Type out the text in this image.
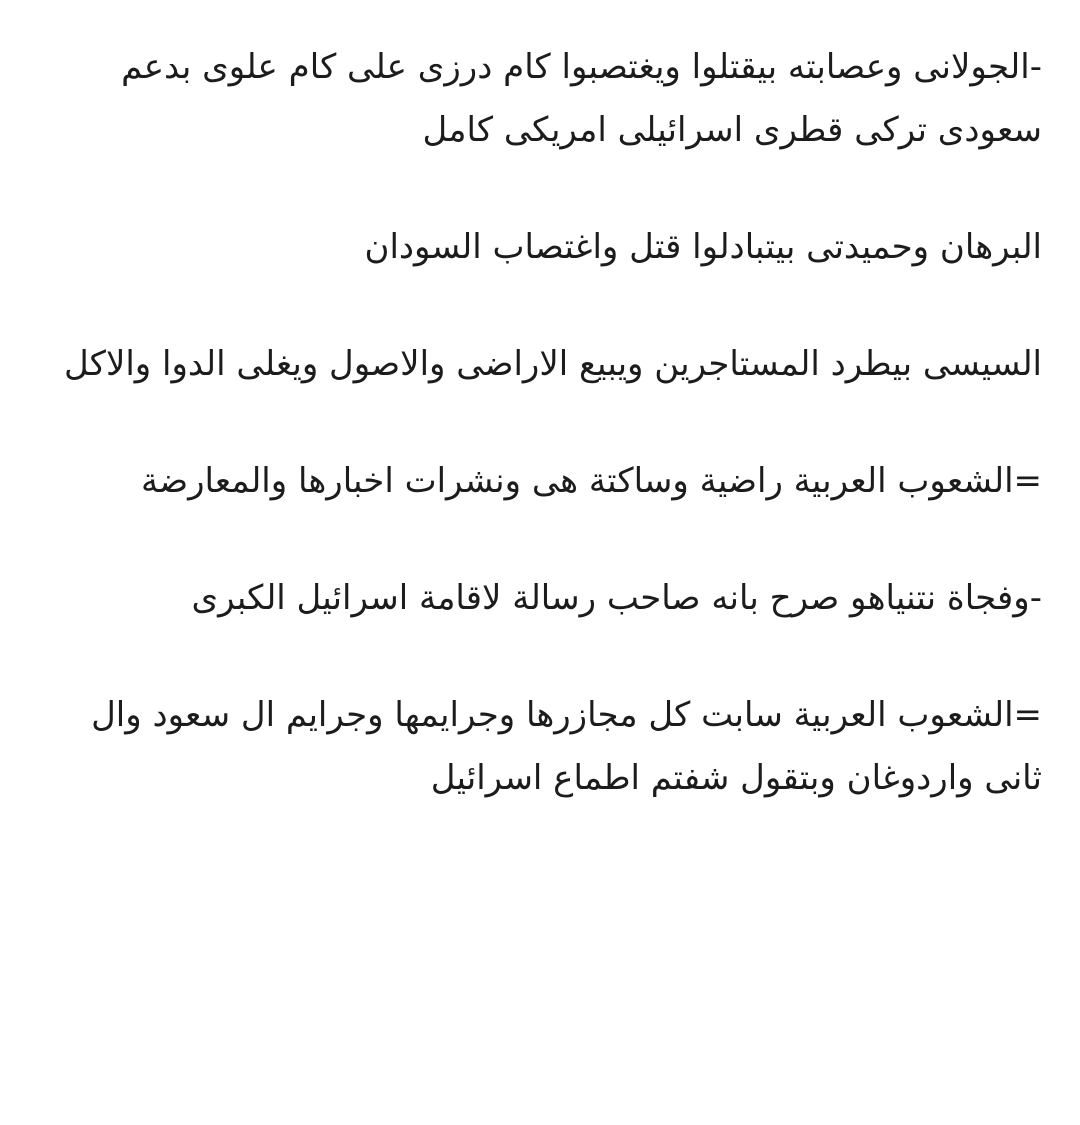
-الجولانى وعصابته بيقتلوا ويغتصبوا كام درزى على كام علوى بدعم سعودى تركى قطرى اسرائيلى امريكى كامل

البرهان وحميدتى بيتبادلوا قتل واغتصاب السودان

السيسى بيطرد المستاجرين ويبيع الاراضى والاصول ويغلى الدوا والاكل

=الشعوب العربية راضية وساكتة هى ونشرات اخبارها والمعارضة

-وفجاة نتنياهو صرح بانه صاحب رسالة لاقامة اسرائيل الكبرى

=الشعوب العربية سابت كل مجازرها وجرايمها وجرايم ال سعود وال ثانى واردوغان وبتقول شفتم اطماع اسرائيل
